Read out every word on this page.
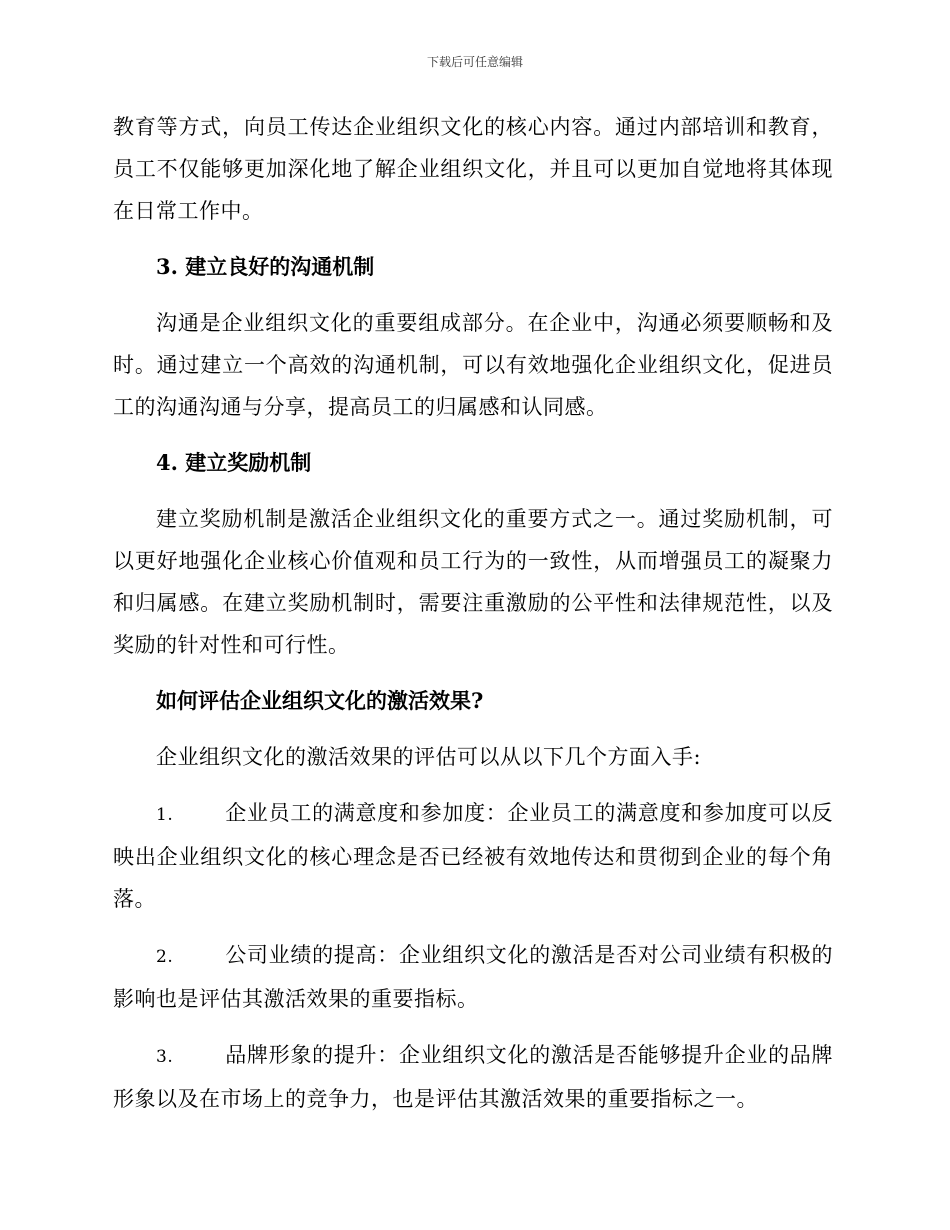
下载后可任意编辑

教育等方式，向员工传达企业组织文化的核心内容。通过内部培训和教育，员工不仅能够更加深化地了解企业组织文化，并且可以更加自觉地将其体现在日常工作中。

3. 建立良好的沟通机制

沟通是企业组织文化的重要组成部分。在企业中，沟通必须要顺畅和及时。通过建立一个高效的沟通机制，可以有效地强化企业组织文化，促进员工的沟通沟通与分享，提高员工的归属感和认同感。

4. 建立奖励机制

建立奖励机制是激活企业组织文化的重要方式之一。通过奖励机制，可以更好地强化企业核心价值观和员工行为的一致性，从而增强员工的凝聚力和归属感。在建立奖励机制时，需要注重激励的公平性和法律规范性，以及奖励的针对性和可行性。

如何评估企业组织文化的激活效果?

企业组织文化的激活效果的评估可以从以下几个方面入手:

1. 企业员工的满意度和参加度：企业员工的满意度和参加度可以反映出企业组织文化的核心理念是否已经被有效地传达和贯彻到企业的每个角落。

2. 公司业绩的提高：企业组织文化的激活是否对公司业绩有积极的影响也是评估其激活效果的重要指标。

3. 品牌形象的提升：企业组织文化的激活是否能够提升企业的品牌形象以及在市场上的竞争力，也是评估其激活效果的重要指标之一。
